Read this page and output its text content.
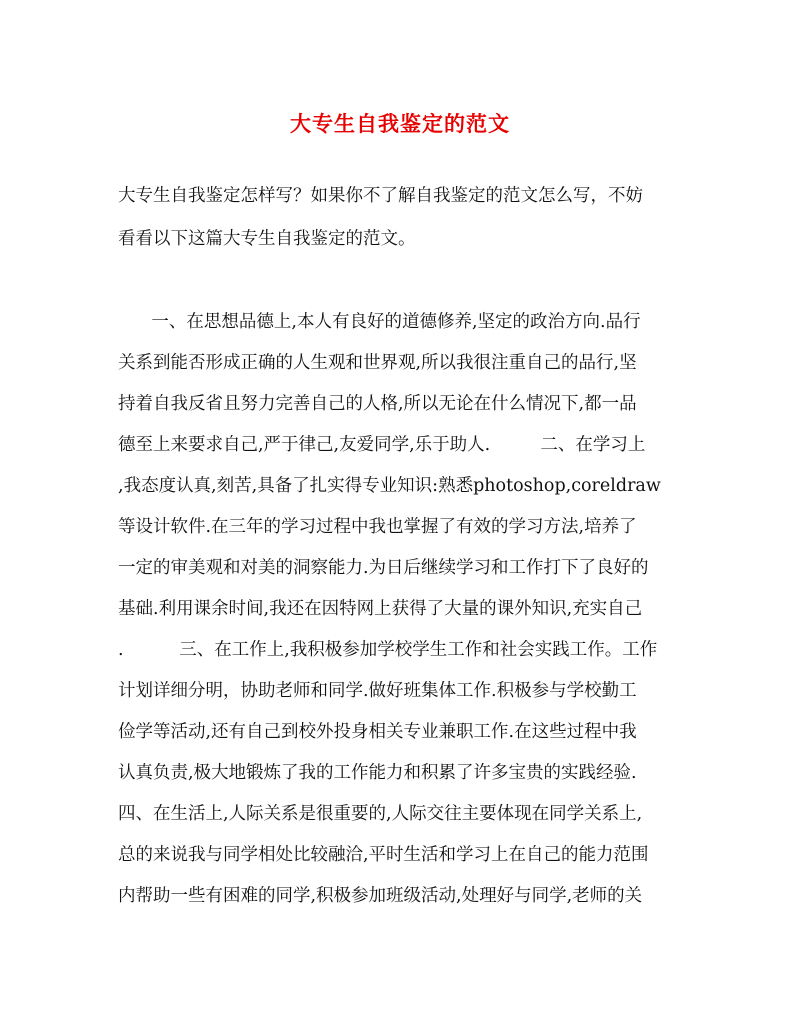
大专生自我鉴定的范文
大专生自我鉴定怎样写？如果你不了解自我鉴定的范文怎么写，不妨
看看以下这篇大专生自我鉴定的范文。
一、在思想品德上,本人有良好的道德修养,坚定的政治方向.品行
关系到能否形成正确的人生观和世界观,所以我很注重自己的品行,坚
持着自我反省且努力完善自己的人格,所以无论在什么情况下,都一品
德至上来要求自己,严于律己,友爱同学,乐于助人.         二、在学习上
,我态度认真,刻苦,具备了扎实得专业知识:熟悉photoshop,coreldraw
等设计软件.在三年的学习过程中我也掌握了有效的学习方法,培养了
一定的审美观和对美的洞察能力.为日后继续学习和工作打下了良好的
基础.利用课余时间,我还在因特网上获得了大量的课外知识,充实自己
.          三、在工作上,我积极参加学校学生工作和社会实践工作。工作
计划详细分明，协助老师和同学.做好班集体工作.积极参与学校勤工
俭学等活动,还有自己到校外投身相关专业兼职工作.在这些过程中我
认真负责,极大地锻炼了我的工作能力和积累了许多宝贵的实践经验.
四、在生活上,人际关系是很重要的,人际交往主要体现在同学关系上,
总的来说我与同学相处比较融洽,平时生活和学习上在自己的能力范围
内帮助一些有困难的同学,积极参加班级活动,处理好与同学,老师的关
